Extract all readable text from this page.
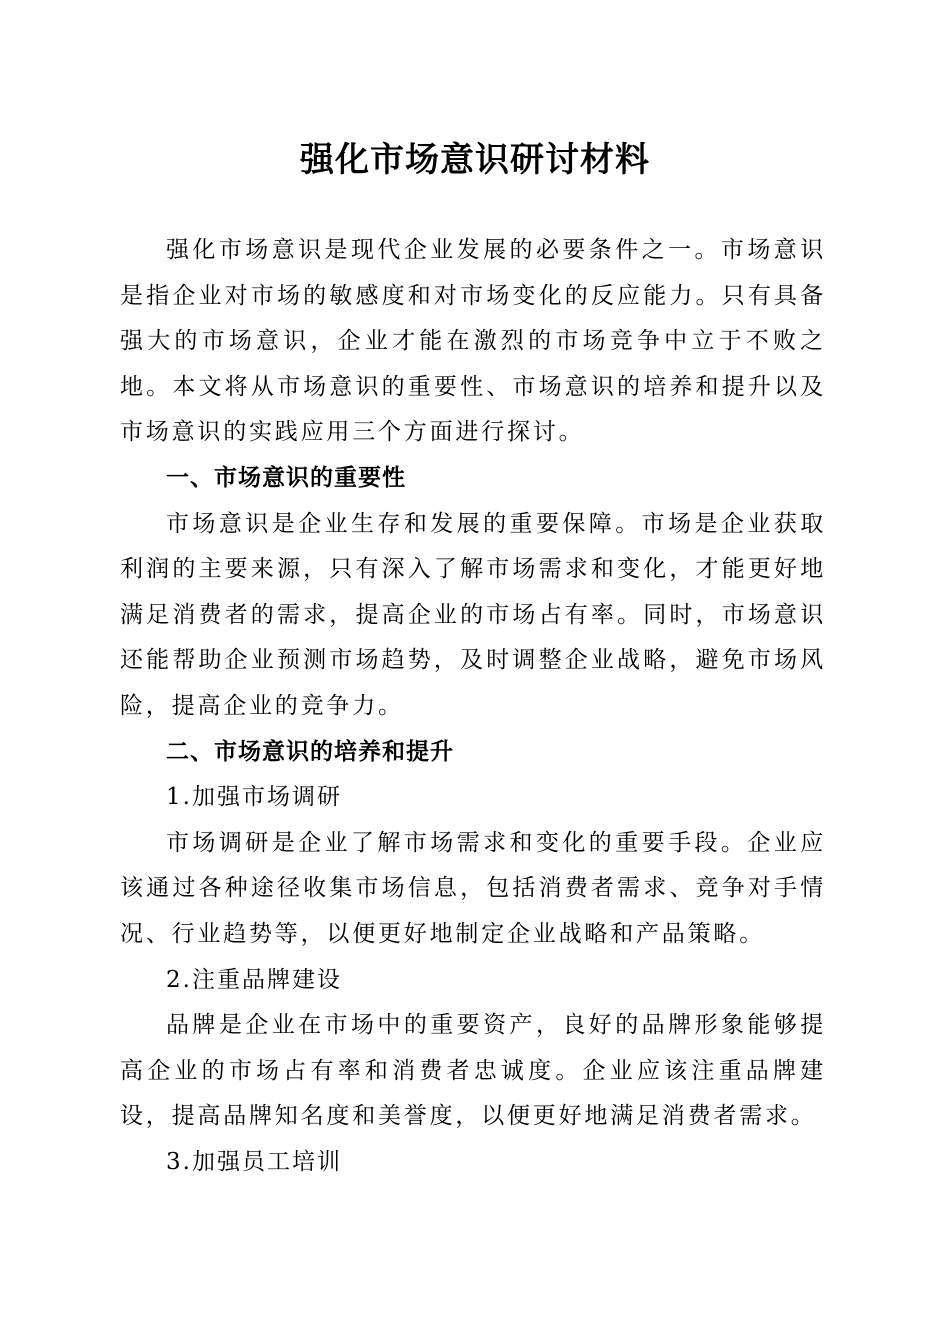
强化市场意识研讨材料

强化市场意识是现代企业发展的必要条件之一。市场意识是指企业对市场的敏感度和对市场变化的反应能力。只有具备强大的市场意识，企业才能在激烈的市场竞争中立于不败之地。本文将从市场意识的重要性、市场意识的培养和提升以及市场意识的实践应用三个方面进行探讨。

一、市场意识的重要性

市场意识是企业生存和发展的重要保障。市场是企业获取利润的主要来源，只有深入了解市场需求和变化，才能更好地满足消费者的需求，提高企业的市场占有率。同时，市场意识还能帮助企业预测市场趋势，及时调整企业战略，避免市场风险，提高企业的竞争力。

二、市场意识的培养和提升

1.加强市场调研

市场调研是企业了解市场需求和变化的重要手段。企业应该通过各种途径收集市场信息，包括消费者需求、竞争对手情况、行业趋势等，以便更好地制定企业战略和产品策略。

2.注重品牌建设

品牌是企业在市场中的重要资产，良好的品牌形象能够提高企业的市场占有率和消费者忠诚度。企业应该注重品牌建设，提高品牌知名度和美誉度，以便更好地满足消费者需求。

3.加强员工培训
